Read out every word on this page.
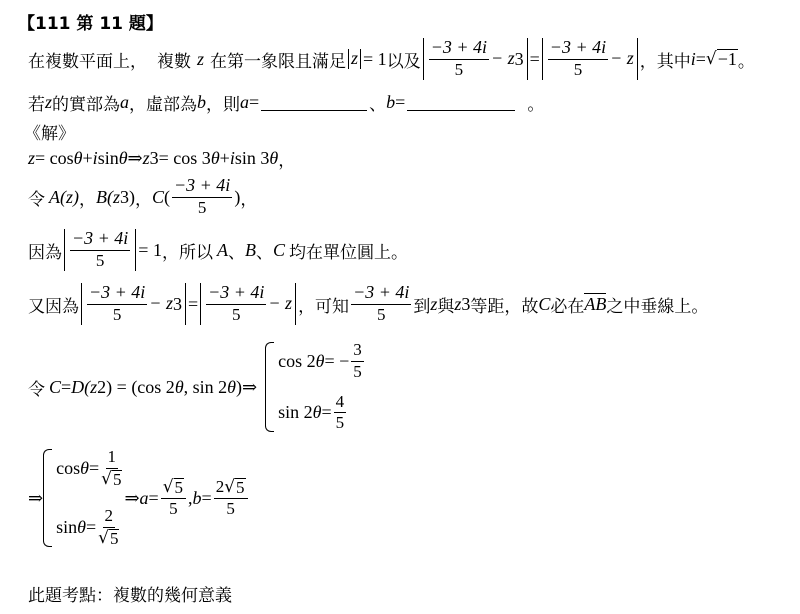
【111 第 11 題】
在複數平面上， 複數 z 在第一象限且滿足 z = 1 以及 $\frac{-3 + 4i}{5} - z$ $3 = \frac{-3 + 4i}{5} - z$ ，其中 i = √ −1 。
若 z 的實部為 a ，虛部為 b ，則 a =	、 b =	。
《解》
z = cos θ + i sin θ ⇒ z 3 = cos 3 θ + i sin 3 θ ，
令 A (z) ， B (z 3 ) ， C ( $\frac{-3 + 4i}{5}$ ) ，
因為 $\frac{-3 + 4i}{5} = 1$ ，所以 A 、 B 、 C 均在單位圓上。
又因為 $\frac{-3 + 4i}{5} - z$ $3 = \frac{-3 + 4i}{5} - z$ ，可知 $\frac{-3 + 4i}{5}$ 到 z 與 z 3 等距，故 C 必在 AB 之中垂線上。
令 C = D (z 2 ) = (cos 2 θ , sin 2 θ ) ⇒
cos 2 θ = − $\frac{3}{5}$
sin 2 $\theta = \frac{4}{5}$
⇒
$\cos \theta = \frac{1}{√ 5}$
$\sin \theta = \frac{2}{√ 5}$
⇒ $a = \frac{√ 5}{5}$ , $b = \frac{2 √ 5}{5}$
此題考點：複數的幾何意義
